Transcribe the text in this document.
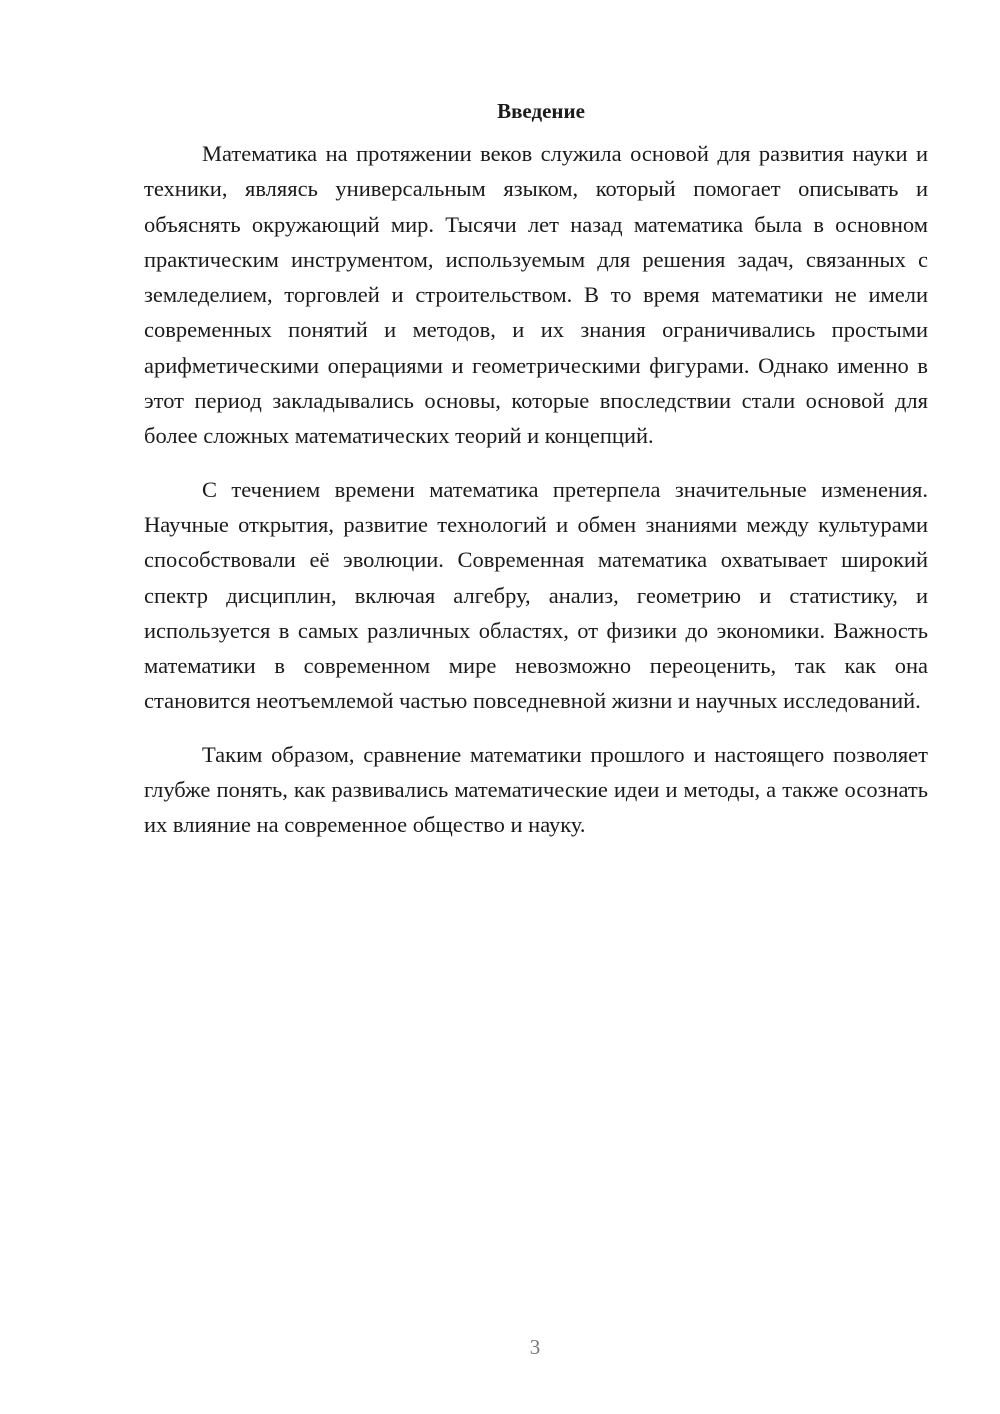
Введение

Математика на протяжении веков служила основой для развития науки и техники, являясь универсальным языком, который помогает описывать и объяснять окружающий мир. Тысячи лет назад математика была в основном практическим инструментом, используемым для решения задач, связанных с земледелием, торговлей и строительством. В то время математики не имели современных понятий и методов, и их знания ограничивались простыми арифметическими операциями и геометрическими фигурами. Однако именно в этот период закладывались основы, которые впоследствии стали основой для более сложных математических теорий и концепций.

С течением времени математика претерпела значительные изменения. Научные открытия, развитие технологий и обмен знаниями между культурами способствовали её эволюции. Современная математика охватывает широкий спектр дисциплин, включая алгебру, анализ, геометрию и статистику, и используется в самых различных областях, от физики до экономики. Важность математики в современном мире невозможно переоценить, так как она становится неотъемлемой частью повседневной жизни и научных исследований.

Таким образом, сравнение математики прошлого и настоящего позволяет глубже понять, как развивались математические идеи и методы, а также осознать их влияние на современное общество и науку.

3
